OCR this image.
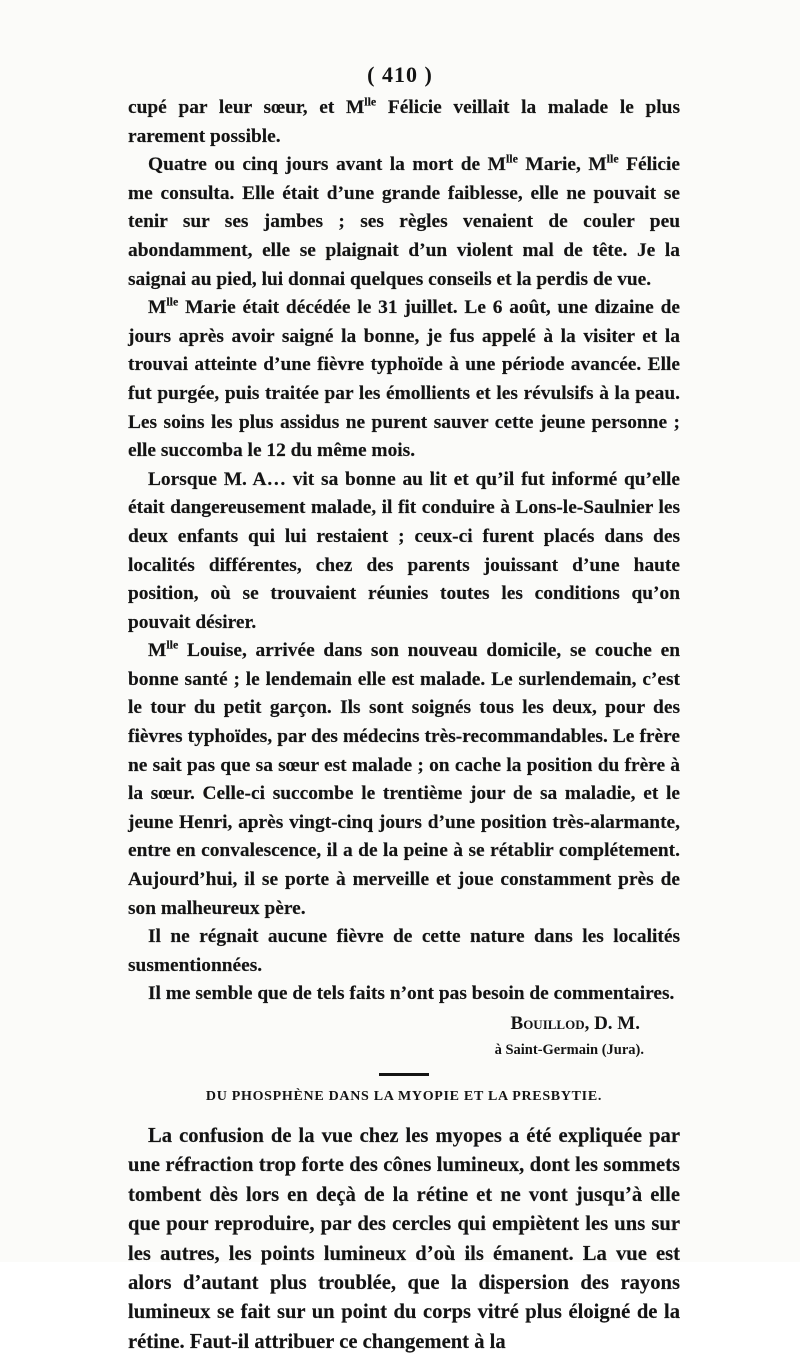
( 410 )

cupé par leur sœur, et $M^{lle}$ Félicie veillait la malade le plus rarement possible.

Quatre ou cinq jours avant la mort de $M^{lle}$ Marie, $M^{lle}$ Félicie me consulta. Elle était d’une grande faiblesse, elle ne pouvait se tenir sur ses jambes ; ses règles venaient de couler peu abondamment, elle se plaignait d’un violent mal de tête. Je la saignai au pied, lui donnai quelques conseils et la perdis de vue.

$M^{lle}$ Marie était décédée le 31 juillet. Le 6 août, une dizaine de jours après avoir saigné la bonne, je fus appelé à la visiter et la trouvai atteinte d’une fièvre typhoïde à une période avancée. Elle fut purgée, puis traitée par les émollients et les révulsifs à la peau. Les soins les plus assidus ne purent sauver cette jeune personne ; elle succomba le 12 du même mois.

Lorsque M. A… vit sa bonne au lit et qu’il fut informé qu’elle était dangereusement malade, il fit conduire à Lons-le-Saulnier les deux enfants qui lui restaient ; ceux-ci furent placés dans des localités différentes, chez des parents jouissant d’une haute position, où se trouvaient réunies toutes les conditions qu’on pouvait désirer.

$M^{lle}$ Louise, arrivée dans son nouveau domicile, se couche en bonne santé ; le lendemain elle est malade. Le surlendemain, c’est le tour du petit garçon. Ils sont soignés tous les deux, pour des fièvres typhoïdes, par des médecins très-recommandables. Le frère ne sait pas que sa sœur est malade ; on cache la position du frère à la sœur. Celle-ci succombe le trentième jour de sa maladie, et le jeune Henri, après vingt-cinq jours d’une position très-alarmante, entre en convalescence, il a de la peine à se rétablir complétement. Aujourd’hui, il se porte à merveille et joue constamment près de son malheureux père.

Il ne régnait aucune fièvre de cette nature dans les localités susmentionnées.

Il me semble que de tels faits n’ont pas besoin de commentaires.

Bouillod, D. M.
à Saint-Germain (Jura).
DU PHOSPHÈNE DANS LA MYOPIE ET LA PRESBYTIE.

La confusion de la vue chez les myopes a été expliquée par une réfraction trop forte des cônes lumineux, dont les sommets tombent dès lors en deçà de la rétine et ne vont jusqu’à elle que pour reproduire, par des cercles qui empiètent les uns sur les autres, les points lumineux d’où ils émanent. La vue est alors d’autant plus troublée, que la dispersion des rayons lumineux se fait sur un point du corps vitré plus éloigné de la rétine. Faut-il attribuer ce changement à la
